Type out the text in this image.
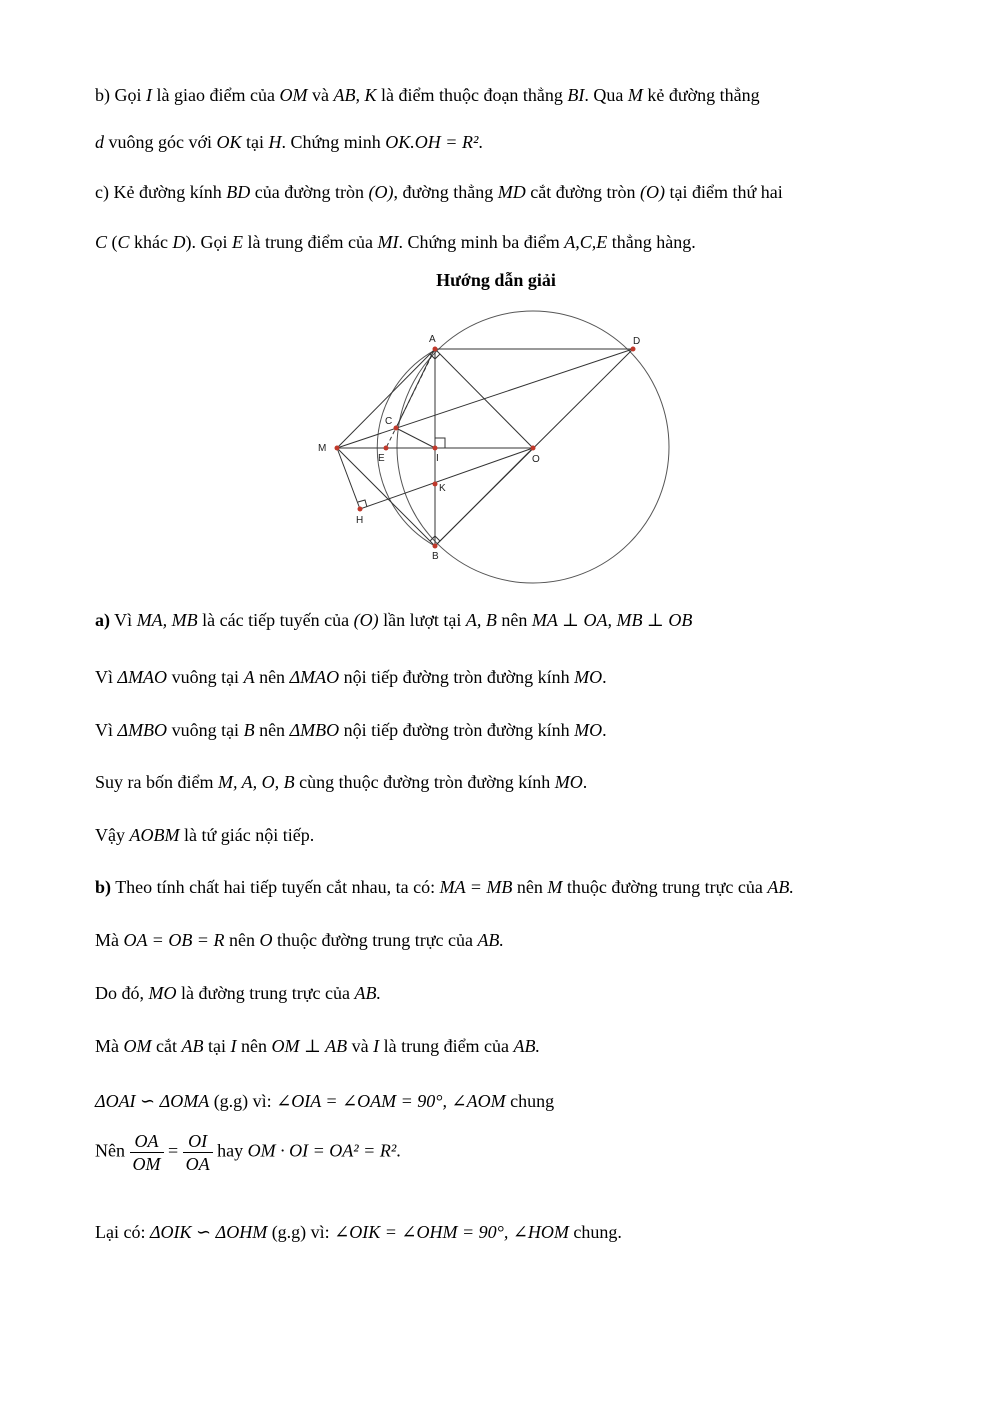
b) Gọi I là giao điểm của OM và AB, K là điểm thuộc đoạn thẳng BI. Qua M kẻ đường thẳng
d vuông góc với OK tại H. Chứng minh OK.OH = R².
c) Kẻ đường kính BD của đường tròn (O), đường thẳng MD cắt đường tròn (O) tại điểm thứ hai
C (C khác D). Gọi E là trung điểm của MI. Chứng minh ba điểm A,C,E thẳng hàng.
Hướng dẫn giải
A	D
C
M
E	I	O
K
H
B
a) Vì MA, MB là các tiếp tuyến của (O) lần lượt tại A, B nên MA ⊥ OA, MB ⊥ OB
Vì ΔMAO vuông tại A nên ΔMAO nội tiếp đường tròn đường kính MO.
Vì ΔMBO vuông tại B nên ΔMBO nội tiếp đường tròn đường kính MO.
Suy ra bốn điểm M, A, O, B cùng thuộc đường tròn đường kính MO.
Vậy AOBM là tứ giác nội tiếp.
b) Theo tính chất hai tiếp tuyến cắt nhau, ta có: MA = MB nên M thuộc đường trung trực của AB.
Mà OA = OB = R nên O thuộc đường trung trực của AB.
Do đó, MO là đường trung trực của AB.
Mà OM cắt AB tại I nên OM ⊥ AB và I là trung điểm của AB.
ΔOAI ∽ ΔOMA (g.g) vì: ∠OIA = ∠OAM = 90°, ∠AOM chung
Nên $\frac{OA}{OM} = \frac{OI}{OA}$ hay OM · OI = OA² = R².
Lại có: ΔOIK ∽ ΔOHM (g.g) vì: ∠OIK = ∠OHM = 90°, ∠HOM chung.
